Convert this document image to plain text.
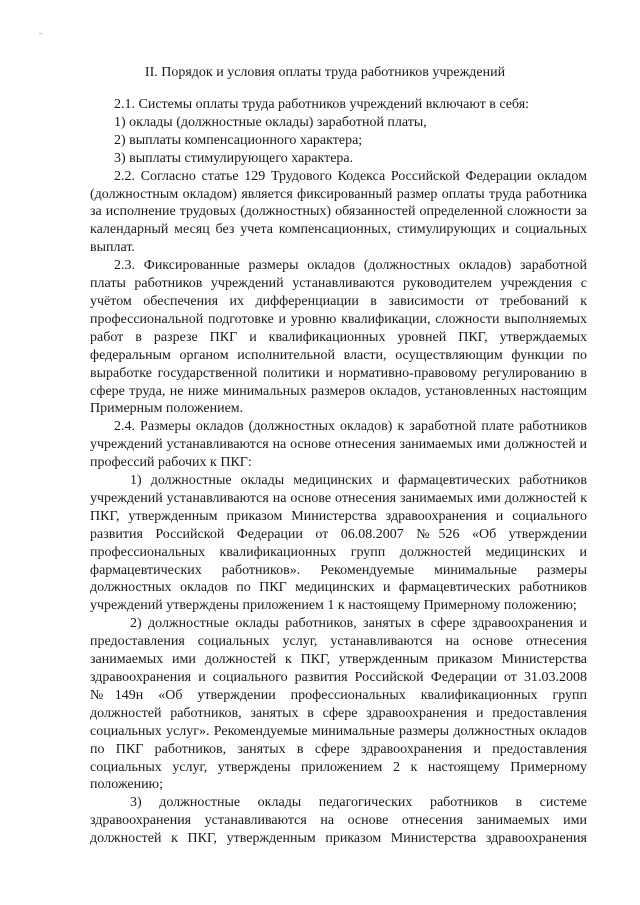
II. Порядок и условия оплаты труда работников учреждений

2.1. Системы оплаты труда работников учреждений включают в себя:

1) оклады (должностные оклады) заработной платы,

2) выплаты компенсационного характера;

3) выплаты стимулирующего характера.

2.2. Согласно статье 129 Трудового Кодекса Российской Федерации окладом (должностным окладом) является фиксированный размер оплаты труда работника за исполнение трудовых (должностных) обязанностей определенной сложности за календарный месяц без учета компенсационных, стимулирующих и социальных выплат.

2.3. Фиксированные размеры окладов (должностных окладов) заработной платы работников учреждений устанавливаются руководителем учреждения с учётом обеспечения их дифференциации в зависимости от требований к профессиональной подготовке и уровню квалификации, сложности выполняемых работ в разрезе ПКГ и квалификационных уровней ПКГ, утверждаемых федеральным органом исполнительной власти, осуществляющим функции по выработке государственной политики и нормативно-правовому регулированию в сфере труда, не ниже минимальных размеров окладов, установленных настоящим Примерным положением.

2.4. Размеры окладов (должностных окладов) к заработной плате работников учреждений устанавливаются на основе отнесения занимаемых ими должностей и профессий рабочих к ПКГ:

1) должностные оклады медицинских и фармацевтических работников учреждений устанавливаются на основе отнесения занимаемых ими должностей к ПКГ, утвержденным приказом Министерства здравоохранения и социального развития Российской Федерации от 06.08.2007 №526 «Об утверждении профессиональных квалификационных групп должностей медицинских и фармацевтических работников». Рекомендуемые минимальные размеры должностных окладов по ПКГ медицинских и фармацевтических работников учреждений утверждены приложением 1 к настоящему Примерному положению;

2) должностные оклады работников, занятых в сфере здравоохранения и предоставления социальных услуг, устанавливаются на основе отнесения занимаемых ими должностей к ПКГ, утвержденным приказом Министерства здравоохранения и социального развития Российской Федерации от 31.03.2008 №149н «Об утверждении профессиональных квалификационных групп должностей работников, занятых в сфере здравоохранения и предоставления социальных услуг». Рекомендуемые минимальные размеры должностных окладов по ПКГ работников, занятых в сфере здравоохранения и предоставления социальных услуг, утверждены приложением 2 к настоящему Примерному положению;

3) должностные оклады педагогических работников в системе здравоохранения устанавливаются на основе отнесения занимаемых ими должностей к ПКГ, утвержденным приказом Министерства здравоохранения
